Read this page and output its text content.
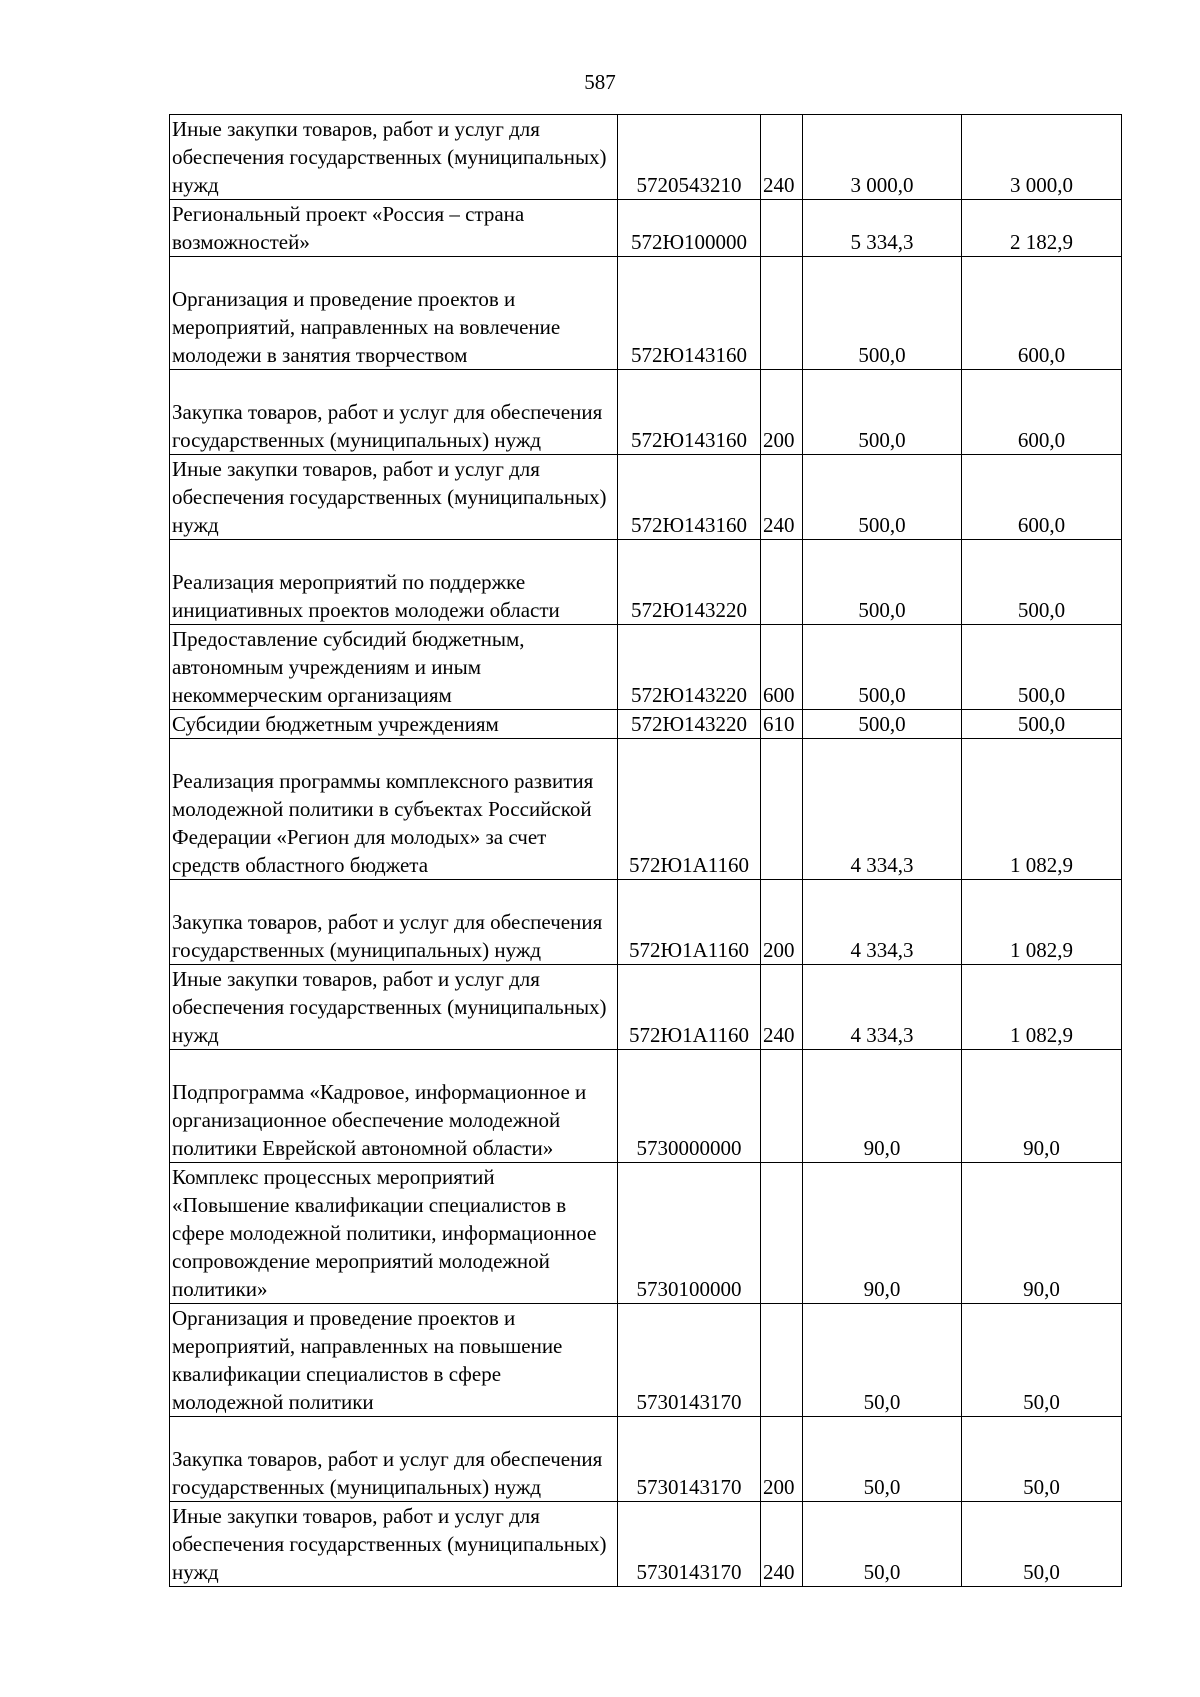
587
Иные закупки товаров, работ и услуг для обеспечения государственных (муниципальных) нужд	5720543210	240	3 000,0	3 000,0
Региональный проект «Россия – страна возможностей»	572Ю100000		5 334,3	2 182,9
Организация и проведение проектов и мероприятий, направленных на вовлечение молодежи в занятия творчеством	572Ю143160		500,0	600,0
Закупка товаров, работ и услуг для обеспечения государственных (муниципальных) нужд	572Ю143160	200	500,0	600,0
Иные закупки товаров, работ и услуг для обеспечения государственных (муниципальных) нужд	572Ю143160	240	500,0	600,0
Реализация мероприятий по поддержке инициативных проектов молодежи области	572Ю143220		500,0	500,0
Предоставление субсидий бюджетным, автономным учреждениям и иным некоммерческим организациям	572Ю143220	600	500,0	500,0
Субсидии бюджетным учреждениям	572Ю143220	610	500,0	500,0
Реализация программы комплексного развития молодежной политики в субъектах Российской Федерации «Регион для молодых» за счет средств областного бюджета	572Ю1А1160		4 334,3	1 082,9
Закупка товаров, работ и услуг для обеспечения государственных (муниципальных) нужд	572Ю1А1160	200	4 334,3	1 082,9
Иные закупки товаров, работ и услуг для обеспечения государственных (муниципальных) нужд	572Ю1А1160	240	4 334,3	1 082,9
Подпрограмма «Кадровое, информационное и организационное обеспечение молодежной политики Еврейской автономной области»	5730000000		90,0	90,0
Комплекс процессных мероприятий «Повышение квалификации специалистов в сфере молодежной политики, информационное сопровождение мероприятий молодежной политики»	5730100000		90,0	90,0
Организация и проведение проектов и мероприятий, направленных на повышение квалификации специалистов в сфере молодежной политики	5730143170		50,0	50,0
Закупка товаров, работ и услуг для обеспечения государственных (муниципальных) нужд	5730143170	200	50,0	50,0
Иные закупки товаров, работ и услуг для обеспечения государственных (муниципальных) нужд	5730143170	240	50,0	50,0
